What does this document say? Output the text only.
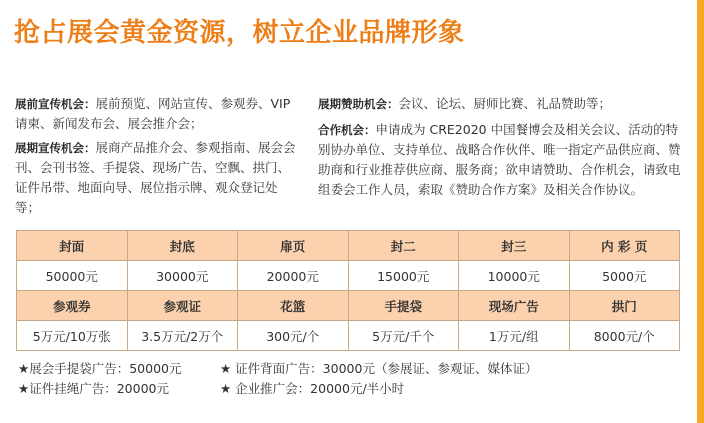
抢占展会黄金资源，树立企业品牌形象
展前宣传机会：展前预览、网站宣传、参观券、VIP 请柬、新闻发布会、展会推介会；
展期宣传机会：展商产品推介会、参观指南、展会会刊、会刊书签、手提袋、现场广告、空飘、拱门、证件吊带、地面向导、展位指示牌、观众登记处等；
展期赞助机会：会议、论坛、厨师比赛、礼品赞助等；
合作机会：申请成为 CRE2020 中国餐博会及相关会议、活动的特别协办单位、支持单位、战略合作伙伴、唯一指定产品供应商、赞助商和行业推荐供应商、服务商；欲申请赞助、合作机会，请致电组委会工作人员，索取《赞助合作方案》及相关合作协议。
封面	封底	扉页	封二	封三	内 彩 页
50000元	30000元	20000元	15000元	10000元	5000元
参观券	参观证	花篮	手提袋	现场广告	拱门
5万元/10万张	3.5万元/2万个	300元/个	5万元/千个	1万元/组	8000元/个
★展会手提袋广告：50000元	★ 证件背面广告：30000元（参展证、参观证、媒体证）
★证件挂绳广告：20000元	★ 企业推广会：20000元/半小时
